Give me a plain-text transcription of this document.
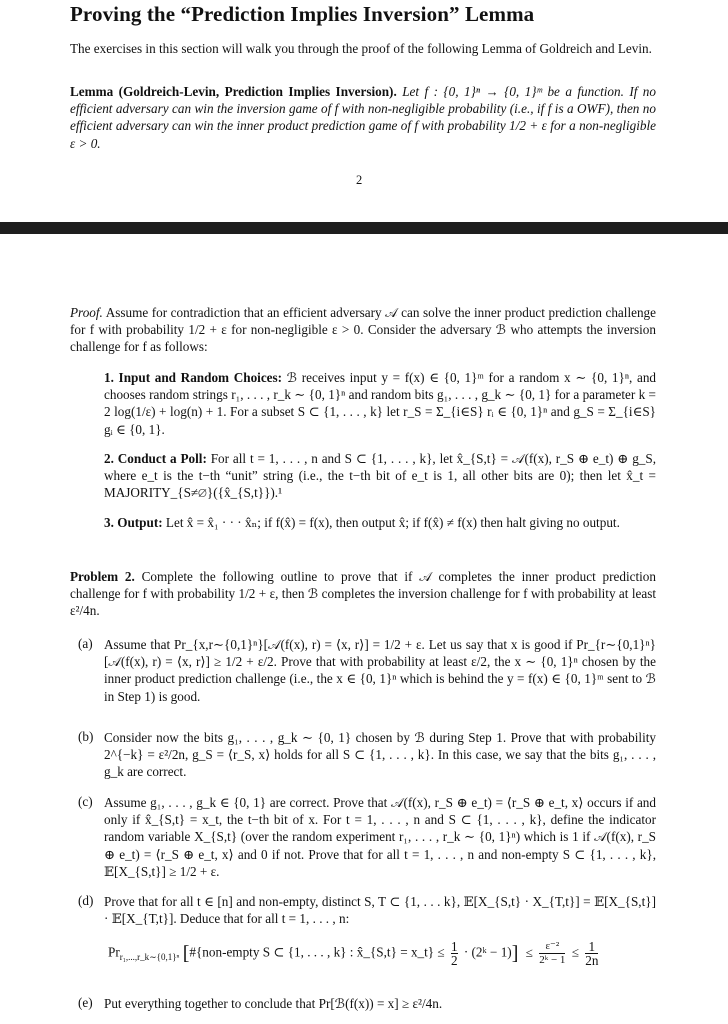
Proving the “Prediction Implies Inversion” Lemma

The exercises in this section will walk you through the proof of the following Lemma of Goldreich and Levin.

Lemma (Goldreich-Levin, Prediction Implies Inversion). Let f : {0, 1}ⁿ → {0, 1}ᵐ be a function. If no efficient adversary can win the inversion game of f with non-negligible probability (i.e., if f is a OWF), then no efficient adversary can win the inner product prediction game of f with probability 1/2 + ε for a non-negligible ε > 0.

2

Proof. Assume for contradiction that an efficient adversary 𝒜 can solve the inner product prediction challenge for f with probability 1/2 + ε for non-negligible ε > 0. Consider the adversary ℬ who attempts the inversion challenge for f as follows:

1. Input and Random Choices: ℬ receives input y = f(x) ∈ {0, 1}ᵐ for a random x ∼ {0, 1}ⁿ, and chooses random strings r₁, . . . , r_k ∼ {0, 1}ⁿ and random bits g₁, . . . , g_k ∼ {0, 1} for a parameter k = 2 log(1/ε) + log(n) + 1. For a subset S ⊂ {1, . . . , k} let r_S = Σ_{i∈S} rᵢ ∈ {0, 1}ⁿ and g_S = Σ_{i∈S} gᵢ ∈ {0, 1}.

2. Conduct a Poll: For all t = 1, . . . , n and S ⊂ {1, . . . , k}, let x̂_{S,t} = 𝒜(f(x), r_S ⊕ e_t) ⊕ g_S, where e_t is the t−th “unit” string (i.e., the t−th bit of e_t is 1, all other bits are 0); then let x̂_t = MAJORITY_{S≠∅}({x̂_{S,t}}).¹

3. Output: Let x̂ = x̂₁ · · · x̂ₙ; if f(x̂) = f(x), then output x̂; if f(x̂) ≠ f(x) then halt giving no output.

Problem 2. Complete the following outline to prove that if 𝒜 completes the inner product prediction challenge for f with probability 1/2 + ε, then ℬ completes the inversion challenge for f with probability at least ε²/4n.

(a) Assume that Pr_{x,r∼{0,1}ⁿ}[𝒜(f(x), r) = ⟨x, r⟩] = 1/2 + ε. Let us say that x is good if Pr_{r∼{0,1}ⁿ}[𝒜(f(x), r) = ⟨x, r⟩] ≥ 1/2 + ε/2. Prove that with probability at least ε/2, the x ∼ {0, 1}ⁿ chosen by the inner product prediction challenge (i.e., the x ∈ {0, 1}ⁿ which is behind the y = f(x) ∈ {0, 1}ᵐ sent to ℬ in Step 1) is good.

(b) Consider now the bits g₁, . . . , g_k ∼ {0, 1} chosen by ℬ during Step 1. Prove that with probability 2^{−k} = ε²/2n, g_S = ⟨r_S, x⟩ holds for all S ⊂ {1, . . . , k}. In this case, we say that the bits g₁, . . . , g_k are correct.

(c) Assume g₁, . . . , g_k ∈ {0, 1} are correct. Prove that 𝒜(f(x), r_S ⊕ e_t) = ⟨r_S ⊕ e_t, x⟩ occurs if and only if x̂_{S,t} = x_t, the t−th bit of x. For t = 1, . . . , n and S ⊂ {1, . . . , k}, define the indicator random variable X_{S,t} (over the random experiment r₁, . . . , r_k ∼ {0, 1}ⁿ) which is 1 if 𝒜(f(x), r_S ⊕ e_t) = ⟨r_S ⊕ e_t, x⟩ and 0 if not. Prove that for all t = 1, . . . , n and non-empty S ⊂ {1, . . . , k}, 𝔼[X_{S,t}] ≥ 1/2 + ε.

(d) Prove that for all t ∈ [n] and non-empty, distinct S, T ⊂ {1, . . . k}, 𝔼[X_{S,t} · X_{T,t}] = 𝔼[X_{S,t}] · 𝔼[X_{T,t}]. Deduce that for all t = 1, . . . , n:

$Pr_{r_1,...,r\_k\sim\{0,1\}^n}$ [#{non-empty S ⊂ {1, . . . , k} : x̂_{S,t} = x_t} ≤ $\frac{1}{2}$ · (2ᵏ − $1)] \le \frac{\text{ε⁻²}}{\text{2ᵏ − 1}} \le \frac{1}{2n}$
(e) Put everything together to conclude that Pr[ℬ(f(x)) = x] ≥ ε²/4n.
